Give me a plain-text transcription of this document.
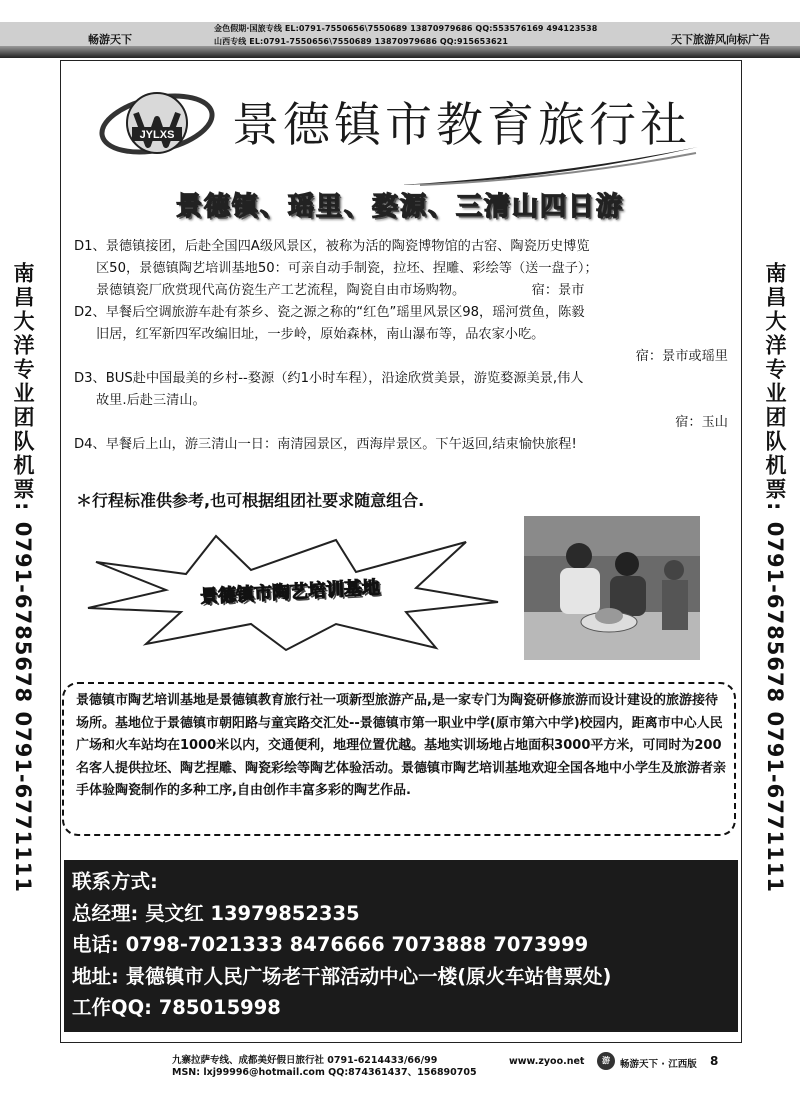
金色假期·国旅专线 EL:0791-7550656\7550689 13870979686 QQ:553576169 494123538
山西专线 EL:0791-7550656\7550689 13870979686 QQ:915653621
畅游天下	天下旅游风向标广告
南昌大洋专业团队机票: 0791-6785678 0791-6771111
南昌大洋专业团队机票: 0791-6785678 0791-6771111
JYLXS 景德镇市教育旅行社
景德镇、瑶里、婺源、三清山四日游

D1、景德镇接团，后赴全国四A级风景区，被称为活的陶瓷博物馆的古窑、陶瓷历史博览
区50，景德镇陶艺培训基地50：可亲自动手制瓷，拉坯、捏雕、彩绘等（送一盘子）；
景德镇瓷厂欣赏现代高仿瓷生产工艺流程，陶瓷自由市场购物。	宿：景市

D2、早餐后空调旅游车赴有茶乡、瓷之源之称的“红色”瑶里风景区98，瑶河赏鱼，陈毅
旧居，红军新四军改编旧址，一步岭，原始森林，南山瀑布等，品农家小吃。

宿：景市或瑶里

D3、BUS赴中国最美的乡村--婺源（约1小时车程），沿途欣赏美景，游览婺源美景,伟人
故里.后赴三清山。

宿：玉山

D4、早餐后上山，游三清山一日：南清园景区，西海岸景区。下午返回,结束愉快旅程!

＊行程标准供参考,也可根据组团社要求随意组合.
景德镇市陶艺培训基地
景德镇市陶艺培训基地是景德镇教育旅行社一项新型旅游产品,是一家专门为陶瓷研修旅游而设计建设的旅游接待场所。基地位于景德镇市朝阳路与童宾路交汇处--景德镇市第一职业中学(原市第六中学)校园内，距离市中心人民广场和火车站均在1000米以内，交通便利，地理位置优越。基地实训场地占地面积3000平方米，可同时为200名客人提供拉坯、陶艺捏雕、陶瓷彩绘等陶艺体验活动。景德镇市陶艺培训基地欢迎全国各地中小学生及旅游者亲手体验陶瓷制作的多种工序,自由创作丰富多彩的陶艺作品.
联系方式:
总经理: 吴文红 13979852335
电话: 0798-7021333 8476666 7073888 7073999
地址: 景德镇市人民广场老干部活动中心一楼(原火车站售票处)
工作QQ: 785015998
九寨拉萨专线、成都美好假日旅行社 0791-6214433/66/99
MSN: lxj99996@hotmail.com QQ:874361437、156890705
www.zyoo.net	游	畅游天下 · 江西版 8
